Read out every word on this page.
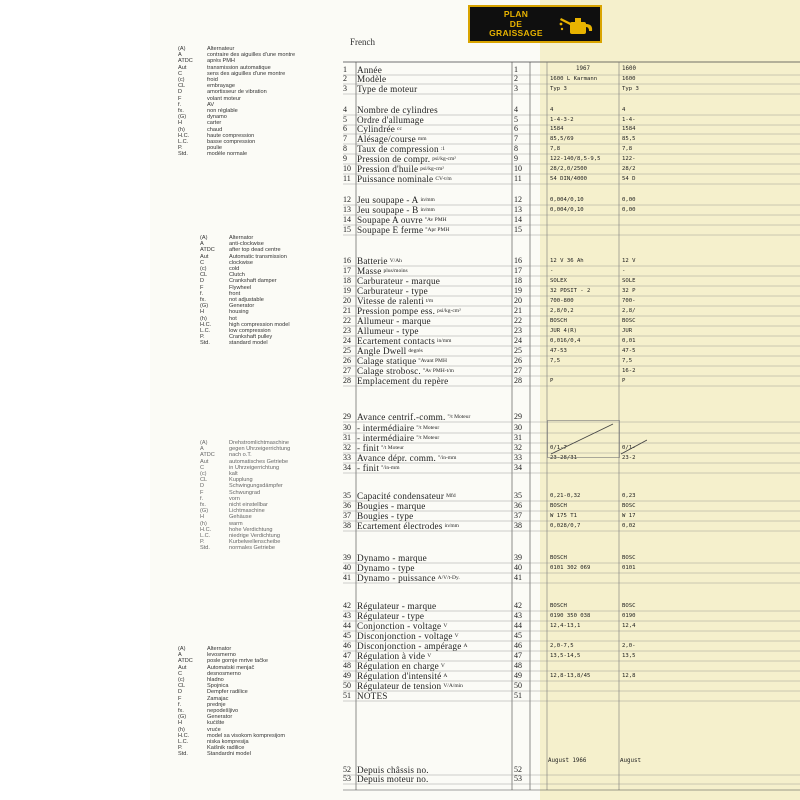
(A)	Alternateur
A	contraire des aiguilles d'une montre
ATDC	après PMH
Aut	transmission automatique
C	sens des aiguilles d'une montre
(c)	froid
CL	embrayage
D	amortisseur de vibration
F	volant moteur
f.	AV
fx.	non réglable
(G)	dynamo
H	carter
(h)	chaud
H.C.	haute compression
L.C.	basse compression
P.	poulie
Std.	modèle normale
(A)	Alternator
A	anti-clockwise
ATDC	after top dead centre
Aut	Automatic transmission
C	clockwise
(c)	cold
CL	Clutch
D	Crankshaft damper
F	Flywheel
f.	front
fx.	not adjustable
(G)	Generator
H	housing
(h)	hot
H.C.	high compression model
L.C.	low compression
P.	Crankshaft pulley
Std.	standard model
(A)	Drehstromlichtmaschine
A	gegen Uhrzeigerrichtung
ATDC	nach o.T.
Aut	automatisches Getriebe
C	in Uhrzeigerrichtung
(c)	kalt
CL	Kupplung
D	Schwingungsdämpfer
F	Schwungrad
f.	vorn
fx.	nicht einstellbar
(G)	Lichtmaschine
H	Gehäuse
(h)	warm
H.C.	hohe Verdichtung
L.C.	niedrige Verdichtung
P.	Kurbelwellenscheibe
Std.	normales Getriebe
(A)	Alternator
A	levosmerno
ATDC	posle gornje mrtve tačke
Aut	Automatski menjač
C	desnosmerno
(c)	hladno
CL	Spojnica
D	Dempfer radilice
F	Zamajac
f.	prednje
fx.	nepodešljivo
(G)	Generator
H	kućište
(h)	vruće
H.C.	model sa visokom kompresijom
L.C.	niska kompresija
P.	Kaišnik radilice
Std.	Standardni model
PLAN
DE
GRAISSAGE
French
1967	1600
1	Année	1
2	Modèle	2	1600 L Karmann	1600
3	Type de moteur	3	Typ 3	Typ 3
4	Nombre de cylindres	4	4	4
5	Ordre d'allumage	5	1-4-3-2	1-4-
6	Cylindrée $^{cc}$	6	1584	1584
7	Alésage/course $^{mm}$	7	85,5/69	85,5
8	Taux de compression $^{:1}$	8	7,8	7,8
9	Pression de compr. $^{psi/kg-cm^2}$	9	122-140/8,5-9,5	122-
10 Pression d'huile $^{psi/kg-cm^2}$	10	28/2,0/2500	28/2
11 Puissance nominale $^{CV-t/m}$	11	54 DIN/4000	54 D
12 Jeu soupape - A $^{in/mm}$	12	0,004/0,10	0,00
13 Jeu soupape - B $^{in/mm}$	13	0,004/0,10	0,00
14 Soupape A ouvre $^{^\circ Av PMH}$	14
15 Soupape E ferme $^{^\circ Apr PMH}$	15
16 Batterie $^{V/Ah}$	16	12 V 36 Ah	12 V
17 Masse $^{plus/moins}$	17	-	-
18 Carburateur - marque	18	SOLEX	SOLE
19 Carburateur - type	19	32 PDSIT - 2	32 P
20 Vitesse de ralenti $^{t/m}$	20	700-800	700-
21 Pression pompe ess. $^{psi/kg-cm^2}$	21	2,8/0,2	2,8/
22 Allumeur - marque	22	BOSCH	BOSC
23 Allumeur - type	23	JUR 4(R)	JUR
24 Ecartement contacts $^{in/mm}$	24	0,016/0,4	0,01
25 Angle Dwell $^{degrés}$	25	47-53	47-5
26 Calage statique $^{^\circ Avant PMH}$	26	7,5	7,5
27 Calage strobosc. $^{^\circ Av PMH-t/m}$	27	16-2
28 Emplacement du repère	28	P	P
29 Avance centrif.-comm. $^{^\circ/t Moteur}$	29
30 - intermédiaire $^{^\circ/t Moteur}$	30
31 - intermédiaire $^{^\circ/t Moteur}$	31
32 - finit $^{^\circ/t Moteur}$	32	0/1-7	0/1-
33 Avance dépr. comm. $^{^\circ/in-mm}$	33	23-28/31	23-2
34 - finit $^{^\circ/in-mm}$	34
35 Capacité condensateur $^{Mfd}$	35	0,21-0,32	0,23
36 Bougies - marque	36	BOSCH	BOSC
37 Bougies - type	37	W 175 T1	W 17
38 Ecartement électrodes $^{in/mm}$	38	0,028/0,7	0,02
39 Dynamo - marque	39	BOSCH	BOSC
40 Dynamo - type	40	0101 302 069	0101
41 Dynamo - puissance $^{A/V/t-Dy.}$	41
42 Régulateur - marque	42	BOSCH	BOSC
43 Régulateur - type	43	0190 350 038	0190
44 Conjonction - voltage $^V$	44	12,4-13,1	12,4
45 Disconjonction - voltage $^V$	45
46 Disconjonction - ampérage $^A$	46	2,0-7,5	2,0-
47 Régulation à vide $^V$	47	13,5-14,5	13,5
48 Régulation en charge $^V$	48
49 Régulation d'intensité $^A$	49	12,8-13,8/45	12,8
50 Régulateur de tension $^{V/A/min}$	50
51 NOTES	51
52 Depuis châssis no.	52
53 Depuis moteur no.	53
August 1966	August
